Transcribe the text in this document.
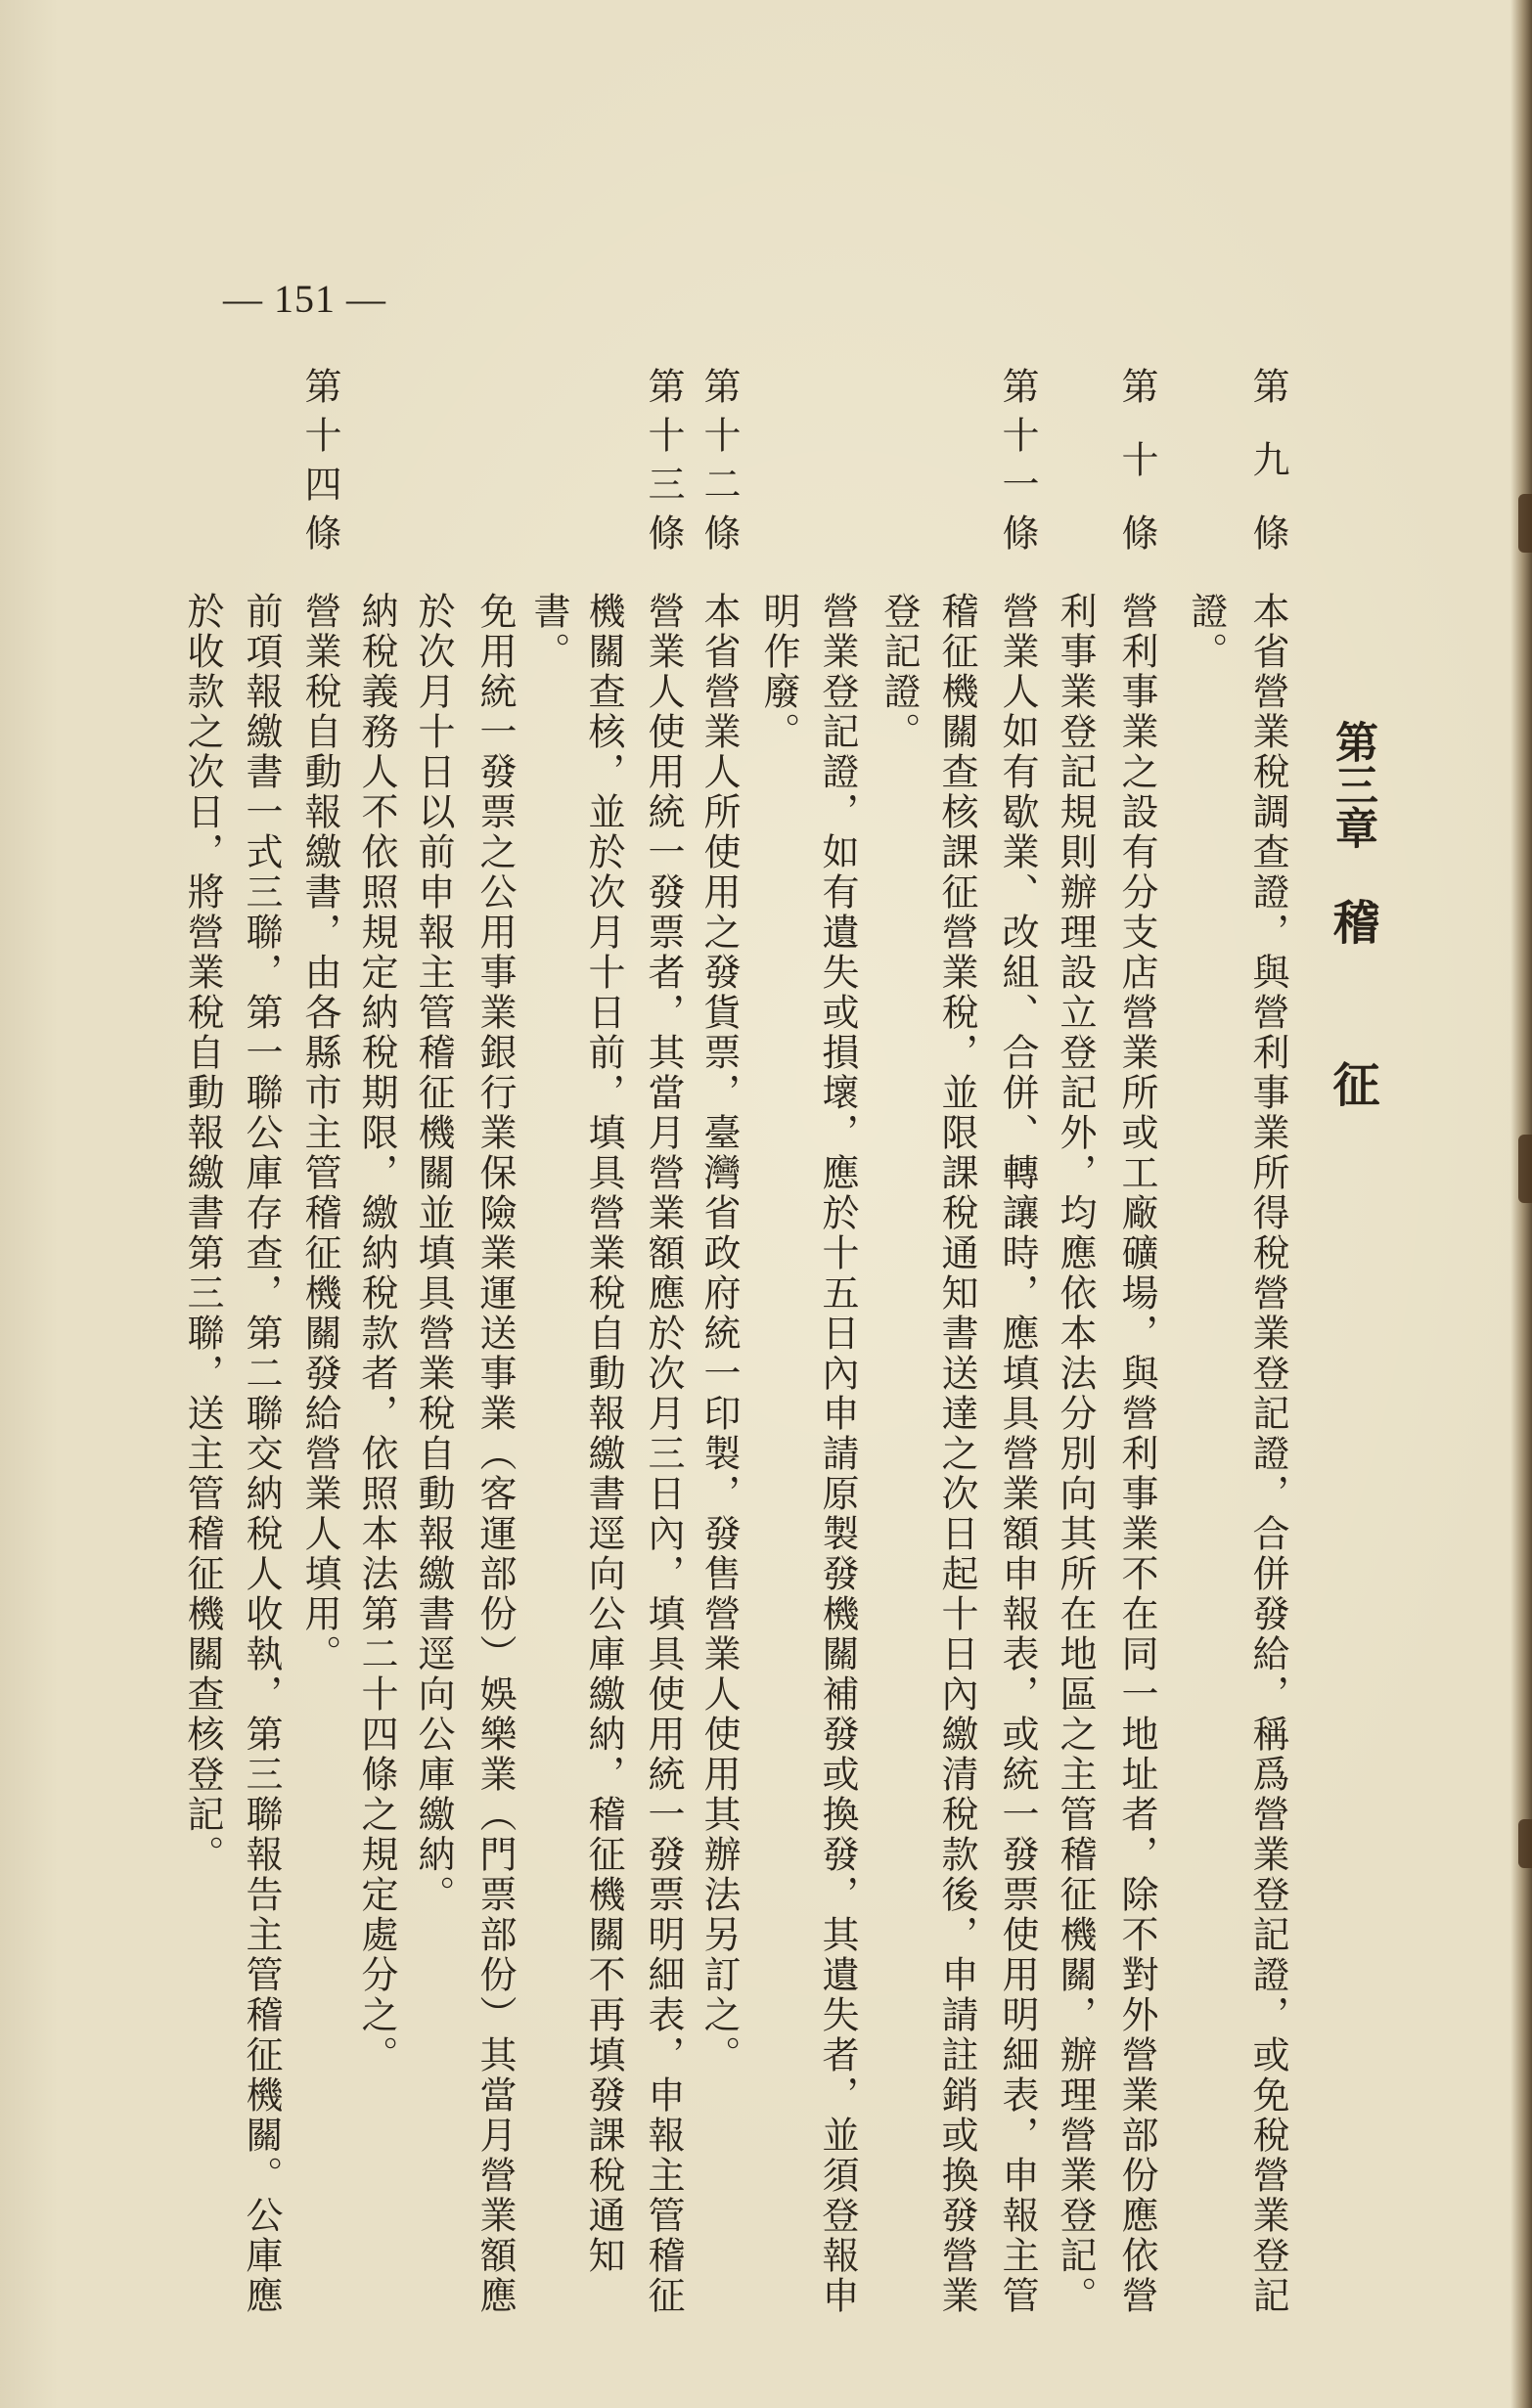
— 151 —
第三章
稽征
第九條
本省營業稅調查證，與營利事業所得稅營業登記證，合併發給，稱爲營業登記證，或免稅營業登記
證。
第十條
營利事業之設有分支店營業所或工廠礦場，與營利事業不在同一地址者，除不對外營業部份應依營
利事業登記規則辦理設立登記外，均應依本法分別向其所在地區之主管稽征機關，辦理營業登記。
第十一條
營業人如有歇業、改組、合併、轉讓時，應填具營業額申報表，或統一發票使用明細表，申報主管
稽征機關查核課征營業稅，並限課稅通知書送達之次日起十日內繳清稅款後，申請註銷或換發營業
登記證。
營業登記證，如有遺失或損壞，應於十五日內申請原製發機關補發或換發，其遺失者，並須登報申
明作廢。
第十二條
本省營業人所使用之發貨票，臺灣省政府統一印製，發售營業人使用其辦法另訂之。
第十三條
營業人使用統一發票者，其當月營業額應於次月三日內，填具使用統一發票明細表，申報主管稽征
機關查核，並於次月十日前，填具營業稅自動報繳書逕向公庫繳納，稽征機關不再填發課稅通知
書。
免用統一發票之公用事業銀行業保險業運送事業（客運部份）娛樂業（門票部份）其當月營業額應
於次月十日以前申報主管稽征機關並填具營業稅自動報繳書逕向公庫繳納。
納稅義務人不依照規定納稅期限，繳納稅款者，依照本法第二十四條之規定處分之。
第十四條
營業稅自動報繳書，由各縣市主管稽征機關發給營業人填用。
前項報繳書一式三聯，第一聯公庫存查，第二聯交納稅人收執，第三聯報告主管稽征機關。公庫應
於收款之次日，將營業稅自動報繳書第三聯，送主管稽征機關查核登記。
